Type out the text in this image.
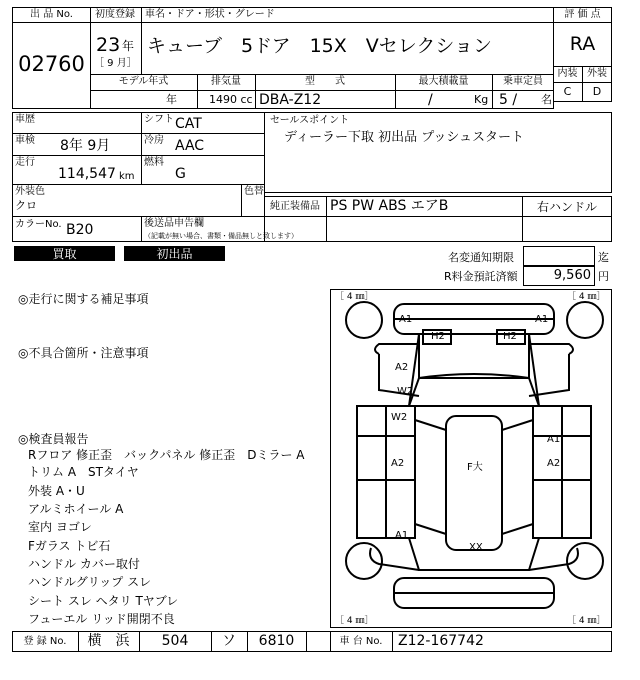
出 品 No.
02760
初度登録 車名・ドア・形状・グレード
23 年
［ 9 月］
キューブ　5ドア　15X　Vセレクション
モデル年式	排気量	型　　式	最大積載量	乗車定員
年	1490 cc DBA-Z12	/	Kg 5 / 名
評 価 点
RA
内装 外装
C	D
車歴	シフト CAT
車検 8年 9月	冷房 AAC
走行
114,547 km
燃料
G
外装色
クロ
色替
カラーNo. B20	後送品申告欄
（記載が無い場合、書類・備品無しと致します）
セールスポイント
ディーラー下取 初出品 プッシュスタート
純正装備品 PS PW ABS エアB	右ハンドル
買取	初出品	名変通知期限	迄
R料金預託済額	9,560 円
◎走行に関する補足事項
◎不具合箇所・注意事項
◎検査員報告
Rフロア 修正歪　バックパネル 修正歪　Dミラー A
トリム A　STタイヤ
外装 A・U
アルミホイール A
室内 ヨゴレ
Fガラス トビ石
ハンドル カバー取付
ハンドルグリップ スレ
シート スレ ヘタリ Tヤブレ
フューエル リッド開閉不良
［ 4 ㎜］	［ 4 ㎜］
［ 4 ㎜］	［ 4 ㎜］
A1	A1
H2	H2
A2
W2
W2
A2
A1
A2
F大
A1
XX
登 録 No.	横　浜	504	ソ	6810	車 台 No.	Z12-167742
